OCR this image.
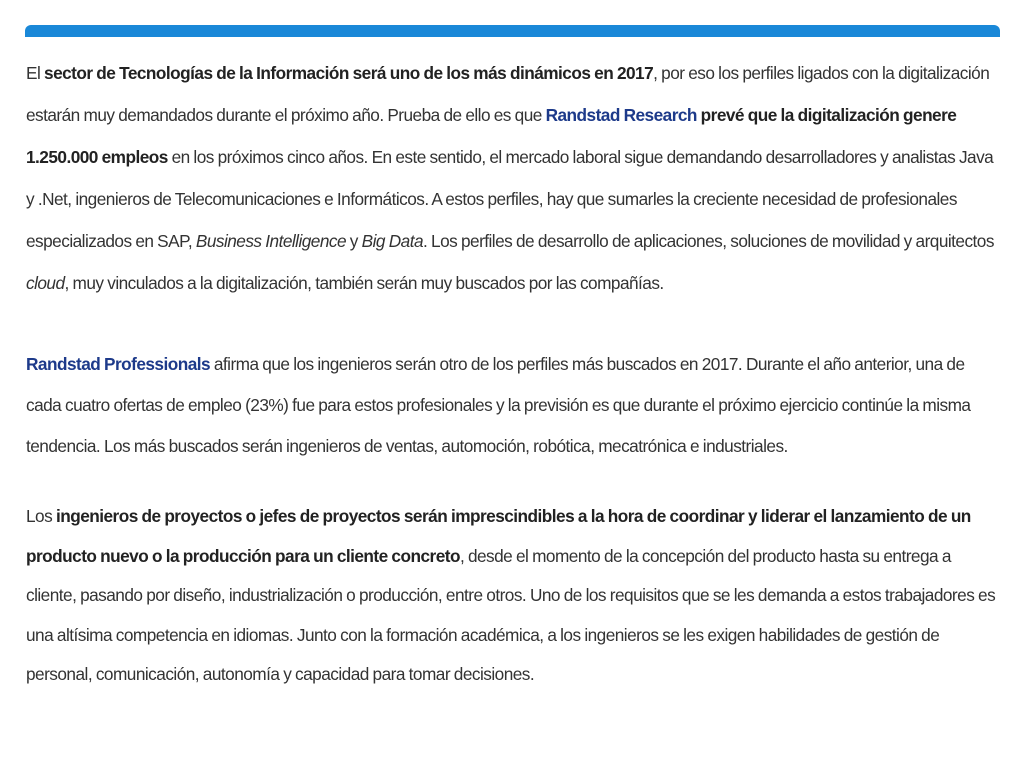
El sector de Tecnologías de la Información será uno de los más dinámicos en 2017, por eso los perfiles ligados con la digitalización estarán muy demandados durante el próximo año. Prueba de ello es que Randstad Research prevé que la digitalización genere 1.250.000 empleos en los próximos cinco años. En este sentido, el mercado laboral sigue demandando desarrolladores y analistas Java y .Net, ingenieros de Telecomunicaciones e Informáticos. A estos perfiles, hay que sumarles la creciente necesidad de profesionales especializados en SAP, Business Intelligence y Big Data. Los perfiles de desarrollo de aplicaciones, soluciones de movilidad y arquitectos cloud, muy vinculados a la digitalización, también serán muy buscados por las compañías.

Randstad Professionals afirma que los ingenieros serán otro de los perfiles más buscados en 2017. Durante el año anterior, una de cada cuatro ofertas de empleo (23%) fue para estos profesionales y la previsión es que durante el próximo ejercicio continúe la misma tendencia. Los más buscados serán ingenieros de ventas, automoción, robótica, mecatrónica e industriales.

Los ingenieros de proyectos o jefes de proyectos serán imprescindibles a la hora de coordinar y liderar el lanzamiento de un producto nuevo o la producción para un cliente concreto, desde el momento de la concepción del producto hasta su entrega a cliente, pasando por diseño, industrialización o producción, entre otros. Uno de los requisitos que se les demanda a estos trabajadores es una altísima competencia en idiomas. Junto con la formación académica, a los ingenieros se les exigen habilidades de gestión de personal, comunicación, autonomía y capacidad para tomar decisiones.
